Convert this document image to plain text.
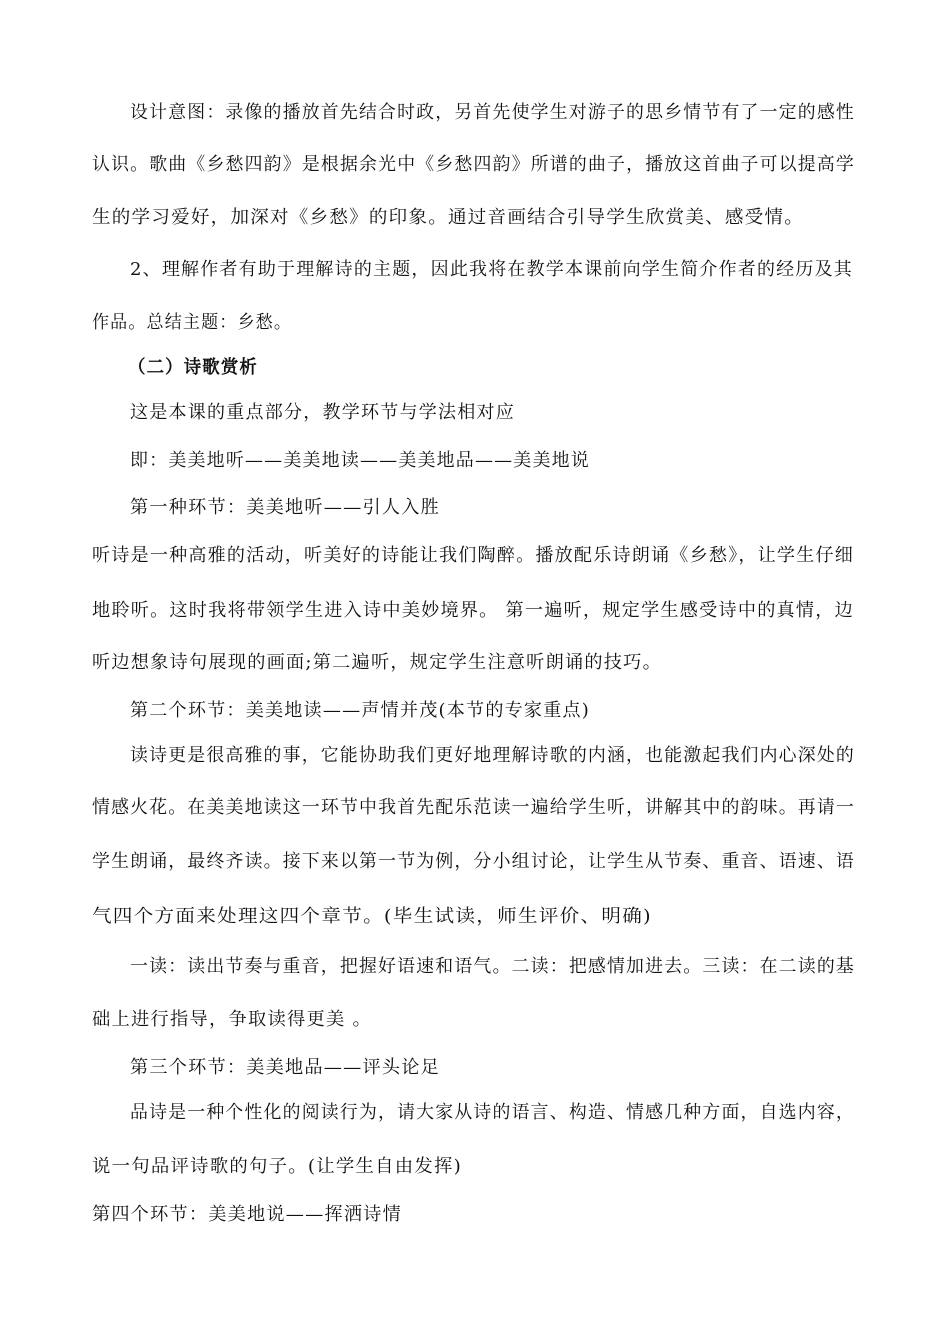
设计意图：录像的播放首先结合时政，另首先使学生对游子的思乡情节有了一定的感性
认识。歌曲《乡愁四韵》是根据余光中《乡愁四韵》所谱的曲子，播放这首曲子可以提高学
生的学习爱好，加深对《乡愁》的印象。通过音画结合引导学生欣赏美、感受情。
2、理解作者有助于理解诗的主题，因此我将在教学本课前向学生简介作者的经历及其
作品。总结主题：乡愁。
（二）诗歌赏析
这是本课的重点部分，教学环节与学法相对应
即：美美地听——美美地读——美美地品——美美地说
第一种环节：美美地听——引人入胜
听诗是一种高雅的活动，听美好的诗能让我们陶醉。播放配乐诗朗诵《乡愁》，让学生仔细
地聆听。这时我将带领学生进入诗中美妙境界。 第一遍听，规定学生感受诗中的真情，边
听边想象诗句展现的画面;第二遍听，规定学生注意听朗诵的技巧。
第二个环节：美美地读——声情并茂(本节的专家重点)
读诗更是很高雅的事，它能协助我们更好地理解诗歌的内涵，也能激起我们内心深处的
情感火花。在美美地读这一环节中我首先配乐范读一遍给学生听，讲解其中的韵味。再请一
学生朗诵，最终齐读。接下来以第一节为例，分小组讨论，让学生从节奏、重音、语速、语
气四个方面来处理这四个章节。(毕生试读，师生评价、明确)
一读：读出节奏与重音，把握好语速和语气。二读：把感情加进去。三读：在二读的基
础上进行指导，争取读得更美 。
第三个环节：美美地品——评头论足
品诗是一种个性化的阅读行为，请大家从诗的语言、构造、情感几种方面，自选内容，
说一句品评诗歌的句子。(让学生自由发挥)
第四个环节：美美地说——挥洒诗情
